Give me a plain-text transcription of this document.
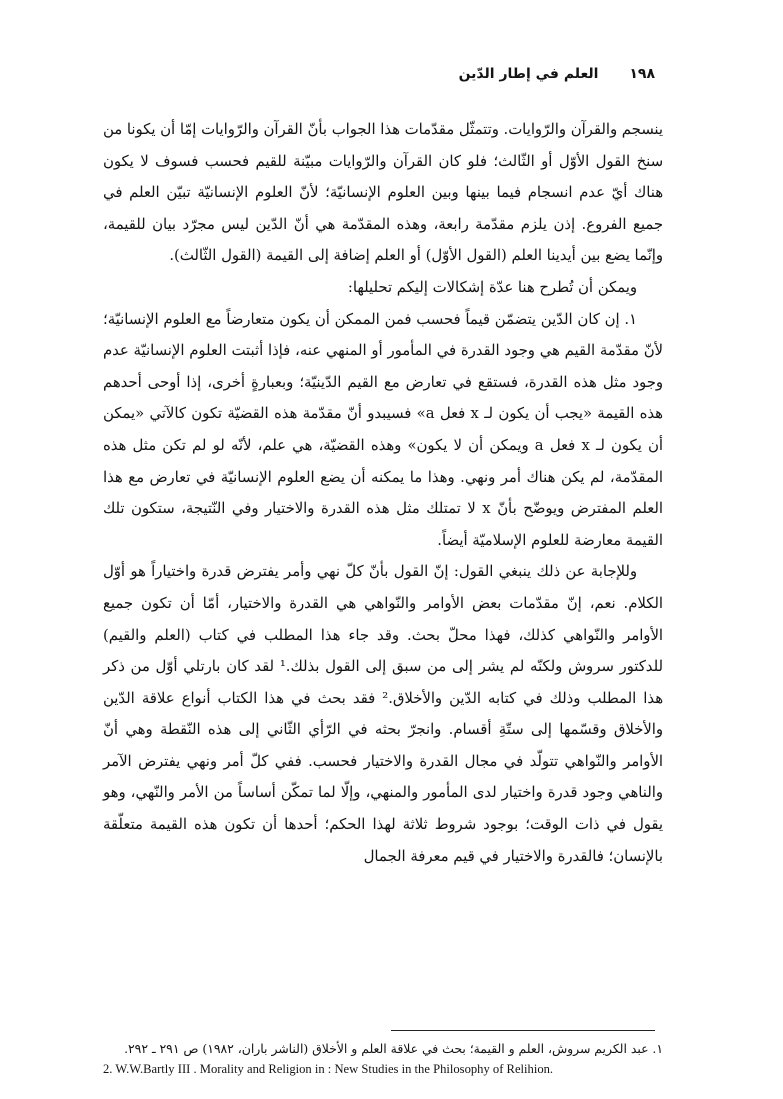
١٩٨ العلم في إطار الدّين

ينسجم والقرآن والرّوايات. وتتمثّل مقدّمات هذا الجواب بأنّ القرآن والرّوايات إمّا أن يكونا من سنخ القول الأوّل أو الثّالث؛ فلو كان القرآن والرّوايات مبيّنة للقيم فحسب فسوف لا يكون هناك أيّ عدم انسجام فيما بينها وبين العلوم الإنسانيّة؛ لأنّ العلوم الإنسانيّة تبيّن العلم في جميع الفروع. إذن يلزم مقدّمة رابعة، وهذه المقدّمة هي أنّ الدّين ليس مجرّد بيان للقيمة، وإنّما يضع بين أيدينا العلم (القول الأوّل) أو العلم إضافة إلى القيمة (القول الثّالث).

ويمكن أن تُطرح هنا عدّة إشكالات إليكم تحليلها:

١. إن كان الدّين يتضمّن قيماً فحسب فمن الممكن أن يكون متعارضاً مع العلوم الإنسانيّة؛ لأنّ مقدّمة القيم هي وجود القدرة في المأمور أو المنهي عنه، فإذا أثبتت العلوم الإنسانيّة عدم وجود مثل هذه القدرة، فستقع في تعارض مع القيم الدّينيّة؛ وبعبارةٍ أخرى، إذا أوحى أحدهم هذه القيمة «يجب أن يكون لـ x فعل a» فسيبدو أنّ مقدّمة هذه القضيّة تكون كالآتي «يمكن أن يكون لـ x فعل a ويمكن أن لا يكون» وهذه القضيّة، هي علم، لأنّه لو لم تكن مثل هذه المقدّمة، لم يكن هناك أمر ونهي. وهذا ما يمكنه أن يضع العلوم الإنسانيّة في تعارض مع هذا العلم المفترض ويوضّح بأنّ x لا تمتلك مثل هذه القدرة والاختيار وفي النّتيجة، ستكون تلك القيمة معارضة للعلوم الإسلاميّة أيضاً.

وللإجابة عن ذلك ينبغي القول: إنّ القول بأنّ كلّ نهي وأمر يفترض قدرة واختياراً هو أوّل الكلام. نعم، إنّ مقدّمات بعض الأوامر والنّواهي هي القدرة والاختيار، أمّا أن تكون جميع الأوامر والنّواهي كذلك، فهذا محلّ بحث. وقد جاء هذا المطلب في كتاب (العلم والقيم) للدكتور سروش ولكنّه لم يشر إلى من سبق إلى القول بذلك.¹ لقد كان بارتلي أوّل من ذكر هذا المطلب وذلك في كتابه الدّين والأخلاق.² فقد بحث في هذا الكتاب أنواع علاقة الدّين والأخلاق وقسّمها إلى ستّةِ أقسام. وانجرّ بحثه في الرّأي الثّاني إلى هذه النّقطة وهي أنّ الأوامر والنّواهي تتولّد في مجال القدرة والاختيار فحسب. ففي كلّ أمر ونهي يفترض الآمر والناهي وجود قدرة واختيار لدى المأمور والمنهي، وإلّا لما تمكّن أساساً من الأمر والنّهي، وهو يقول في ذات الوقت؛ بوجود شروط ثلاثة لهذا الحكم؛ أحدها أن تكون هذه القيمة متعلّقة بالإنسان؛ فالقدرة والاختيار في قيم معرفة الجمال

١. عبد الكريم سروش، العلم و القيمة؛ بحث في علاقة العلم و الأخلاق (الناشر باران، ١٩٨٢) ص ٢٩١ ـ ٢٩٢.
2. W.W.Bartly III . Morality and Religion in : New Studies in the Philosophy of Relihion.
